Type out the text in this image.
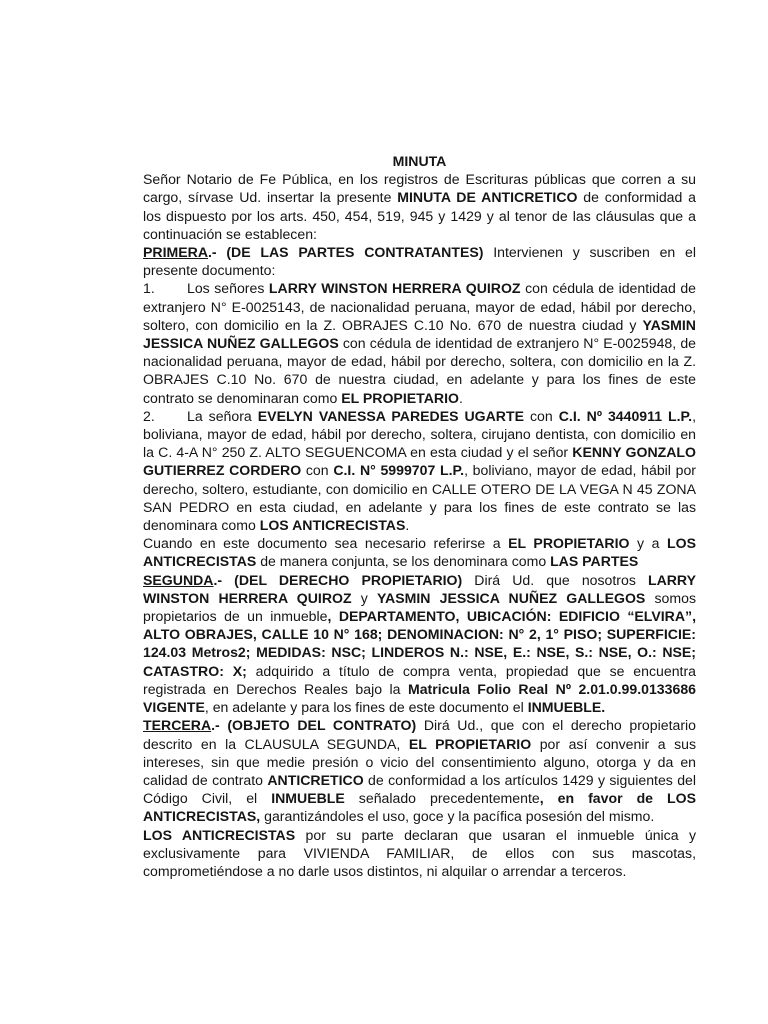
MINUTA

Señor Notario de Fe Pública, en los registros de Escrituras públicas que corren a su cargo, sírvase Ud. insertar la presente MINUTA DE ANTICRETICO de conformidad a los dispuesto por los arts. 450, 454, 519, 945 y 1429 y al tenor de las cláusulas que a continuación se establecen:

PRIMERA.- (DE LAS PARTES CONTRATANTES) Intervienen y suscriben en el presente documento:

1. Los señores LARRY WINSTON HERRERA QUIROZ con cédula de identidad de extranjero N° E-0025143, de nacionalidad peruana, mayor de edad, hábil por derecho, soltero, con domicilio en la Z. OBRAJES C.10 No. 670 de nuestra ciudad y YASMIN JESSICA NUÑEZ GALLEGOS con cédula de identidad de extranjero N° E-0025948, de nacionalidad peruana, mayor de edad, hábil por derecho, soltera, con domicilio en la Z. OBRAJES C.10 No. 670 de nuestra ciudad, en adelante y para los fines de este contrato se denominaran como EL PROPIETARIO.

2. La señora EVELYN VANESSA PAREDES UGARTE con C.I. Nº 3440911 L.P., boliviana, mayor de edad, hábil por derecho, soltera, cirujano dentista, con domicilio en la C. 4-A N° 250 Z. ALTO SEGUENCOMA en esta ciudad y el señor KENNY GONZALO GUTIERREZ CORDERO con C.I. N° 5999707 L.P., boliviano, mayor de edad, hábil por derecho, soltero, estudiante, con domicilio en CALLE OTERO DE LA VEGA N 45 ZONA SAN PEDRO en esta ciudad, en adelante y para los fines de este contrato se las denominara como LOS ANTICRECISTAS.

Cuando en este documento sea necesario referirse a EL PROPIETARIO y a LOS ANTICRECISTAS de manera conjunta, se los denominara como LAS PARTES

SEGUNDA.- (DEL DERECHO PROPIETARIO) Dirá Ud. que nosotros LARRY WINSTON HERRERA QUIROZ y YASMIN JESSICA NUÑEZ GALLEGOS somos propietarios de un inmueble, DEPARTAMENTO, UBICACIÓN: EDIFICIO “ELVIRA”, ALTO OBRAJES, CALLE 10 N° 168; DENOMINACION: N° 2, 1° PISO; SUPERFICIE: 124.03 Metros2; MEDIDAS: NSC; LINDEROS N.: NSE, E.: NSE, S.: NSE, O.: NSE; CATASTRO: X; adquirido a título de compra venta, propiedad que se encuentra registrada en Derechos Reales bajo la Matricula Folio Real Nº 2.01.0.99.0133686 VIGENTE, en adelante y para los fines de este documento el INMUEBLE.

TERCERA.- (OBJETO DEL CONTRATO) Dirá Ud., que con el derecho propietario descrito en la CLAUSULA SEGUNDA, EL PROPIETARIO por así convenir a sus intereses, sin que medie presión o vicio del consentimiento alguno, otorga y da en calidad de contrato ANTICRETICO de conformidad a los artículos 1429 y siguientes del Código Civil, el INMUEBLE señalado precedentemente, en favor de LOS ANTICRECISTAS, garantizándoles el uso, goce y la pacífica posesión del mismo.

LOS ANTICRECISTAS por su parte declaran que usaran el inmueble única y exclusivamente para VIVIENDA FAMILIAR, de ellos con sus mascotas, comprometiéndose a no darle usos distintos, ni alquilar o arrendar a terceros.
